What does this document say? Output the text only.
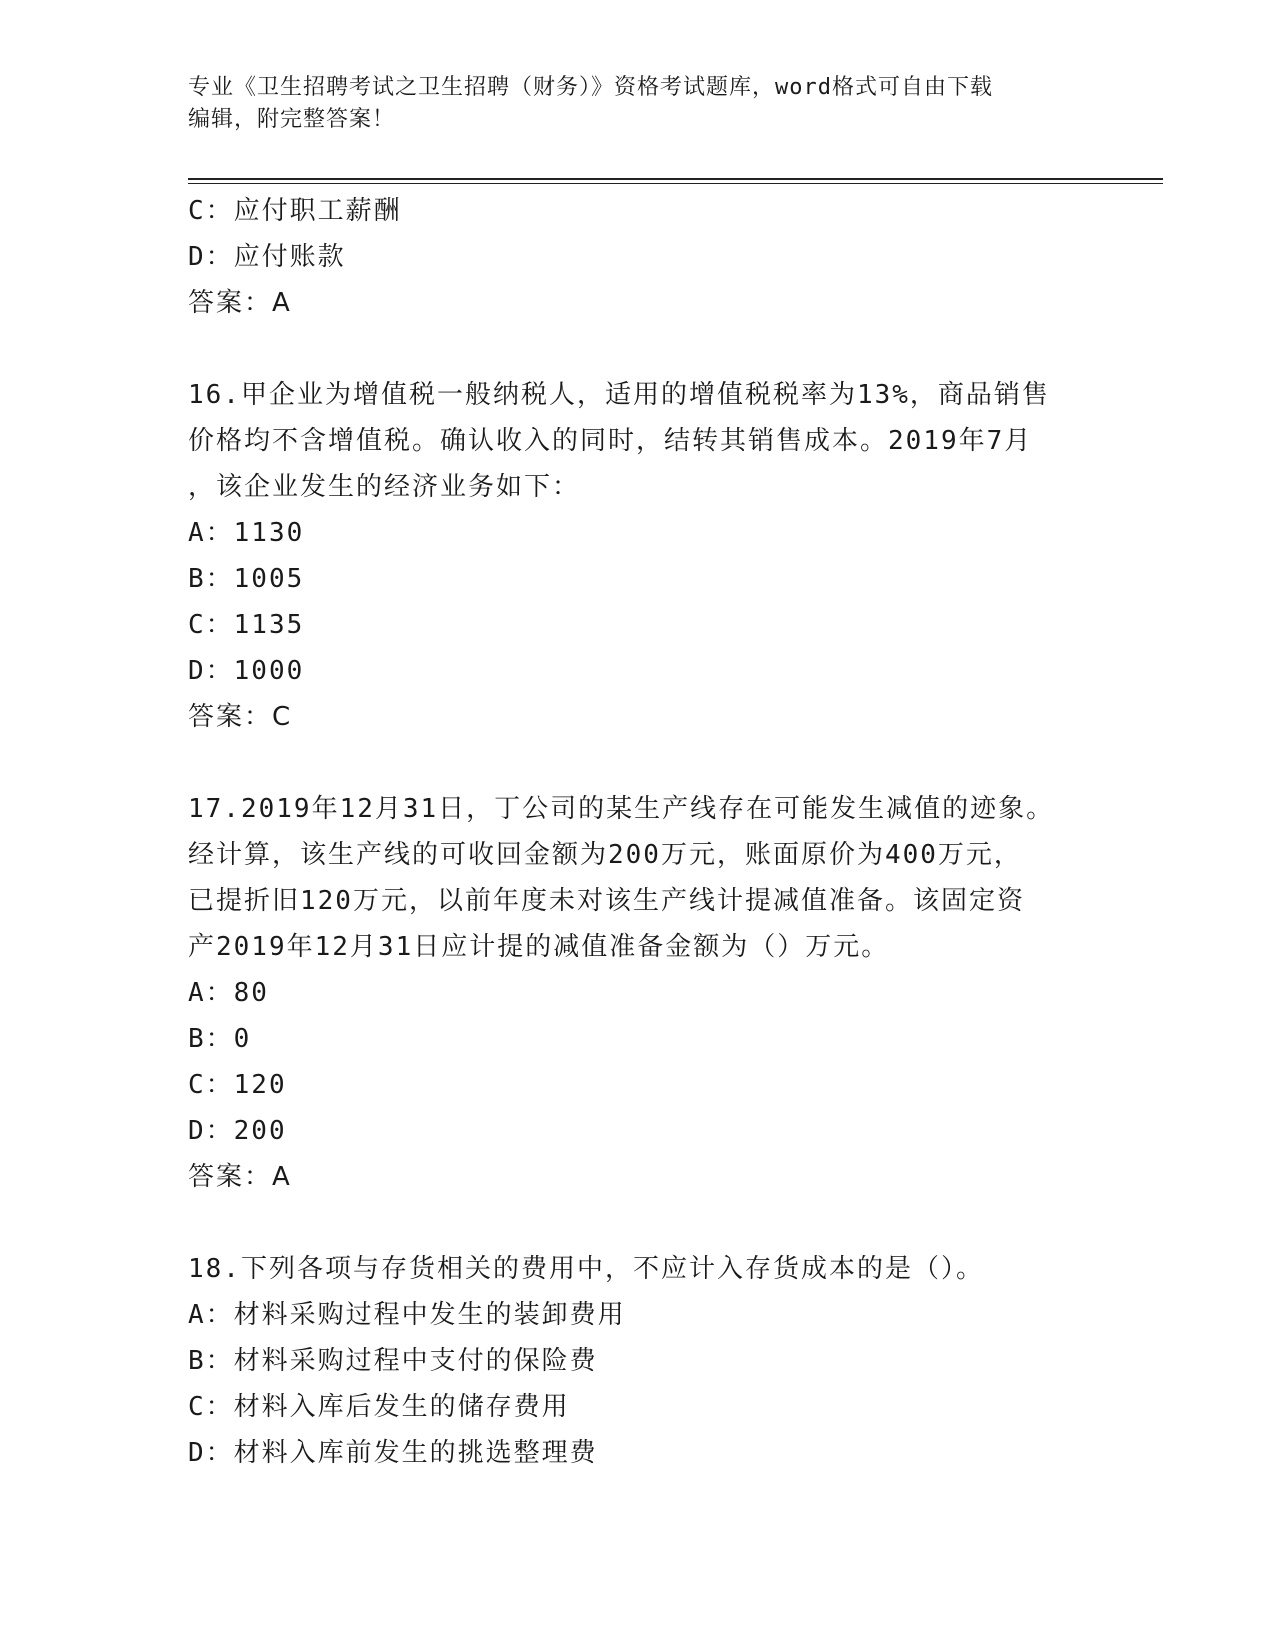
专业《卫生招聘考试之卫生招聘（财务）》资格考试题库，word格式可自由下载
编辑，附完整答案！
C：应付职工薪酬
D：应付账款
答案：A
16.甲企业为增值税一般纳税人，适用的增值税税率为13%，商品销售
价格均不含增值税。确认收入的同时，结转其销售成本。2019年7月
，该企业发生的经济业务如下：
A：1130
B：1005
C：1135
D：1000
答案：C
17.2019年12月31日，丁公司的某生产线存在可能发生减值的迹象。
经计算，该生产线的可收回金额为200万元，账面原价为400万元，
已提折旧120万元，以前年度未对该生产线计提减值准备。该固定资
产2019年12月31日应计提的减值准备金额为（）万元。
A：80
B：0
C：120
D：200
答案：A
18.下列各项与存货相关的费用中，不应计入存货成本的是（）。
A：材料采购过程中发生的装卸费用
B：材料采购过程中支付的保险费
C：材料入库后发生的储存费用
D：材料入库前发生的挑选整理费
